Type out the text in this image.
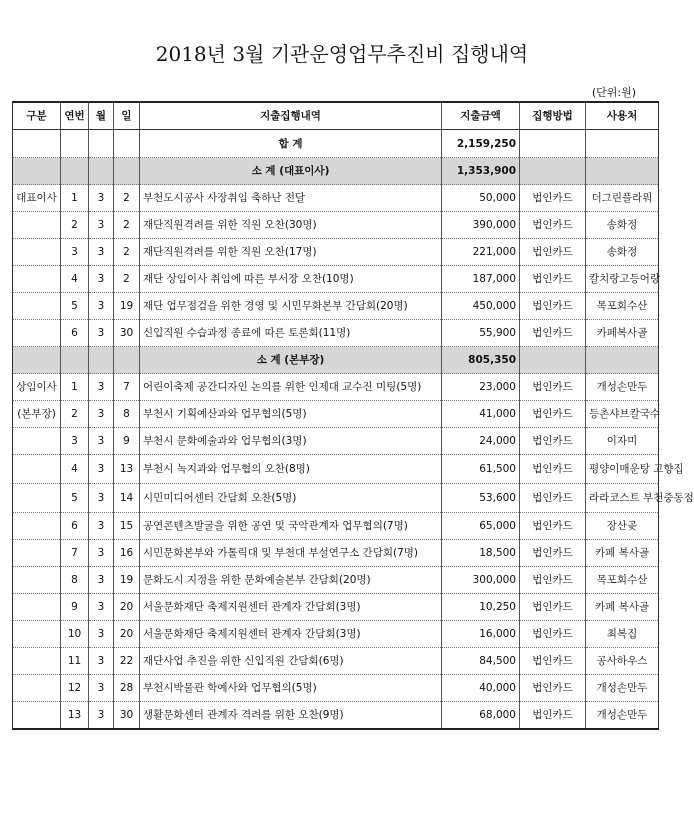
2018년 3월 기관운영업무추진비 집행내역
(단위:원)
구분	연번	월	일	지출집행내역	지출금액	집행방법	사용처
				합 계	2,159,250		
				소 계 (대표이사)	1,353,900		
대표이사	1	3	2	부천도시공사 사장취임 축하난 전달	50,000	법인카드	더그린플라워
	2	3	2	재단직원격려를 위한 직원 오찬(30명)	390,000	법인카드	송화정
	3	3	2	재단직원격려를 위한 직원 오찬(17명)	221,000	법인카드	송화정
	4	3	2	재단 상임이사 취임에 따른 부서장 오찬(10명)	187,000	법인카드	칼치랑고등어랑
	5	3	19	재단 업무점검을 위한 경영 및 시민무화본부 간담회(20명)	450,000	법인카드	목포회수산
	6	3	30	신입직원 수습과정 종료에 따른 토론회(11명)	55,900	법인카드	카페복사골
				소 계 (본부장)	805,350		
상임이사	1	3	7	어린이축제 공간디자인 논의를 위한 인제대 교수진 미팅(5명)	23,000	법인카드	개성손만두
(본부장)	2	3	8	부천시 기획예산과와 업무협의(5명)	41,000	법인카드	등촌샤브칼국수
	3	3	9	부천시 문화예술과와 업무협의(3명)	24,000	법인카드	이자미
	4	3	13	부천시 녹지과와 업무협의 오찬(8명)	61,500	법인카드	평양이매운탕 고향집
	5	3	14	시민미디어센터 간담회 오찬(5명)	53,600	법인카드	라라코스트 부천중동점
	6	3	15	공연콘텐츠발굴을 위한 공연 및 국악관계자 업무협의(7명)	65,000	법인카드	장산곶
	7	3	16	시민문화본부와 가톨릭대 및 부천대 부설연구소 간담회(7명)	18,500	법인카드	카페 복사골
	8	3	19	문화도시 지정을 위한 문화예술본부 간담회(20명)	300,000	법인카드	목포회수산
	9	3	20	서울문화재단 축제지원센터 관계자 간담회(3명)	10,250	법인카드	카페 복사골
	10	3	20	서울문화재단 축제지원센터 관계자 간담회(3명)	16,000	법인카드	최복집
	11	3	22	재단사업 추진을 위한 신입직원 간담회(6명)	84,500	법인카드	공사하우스
	12	3	28	부천시박물관 학예사와 업무협의(5명)	40,000	법인카드	개성손만두
	13	3	30	생활문화센터 관계자 격려를 위한 오찬(9명)	68,000	법인카드	개성손만두
